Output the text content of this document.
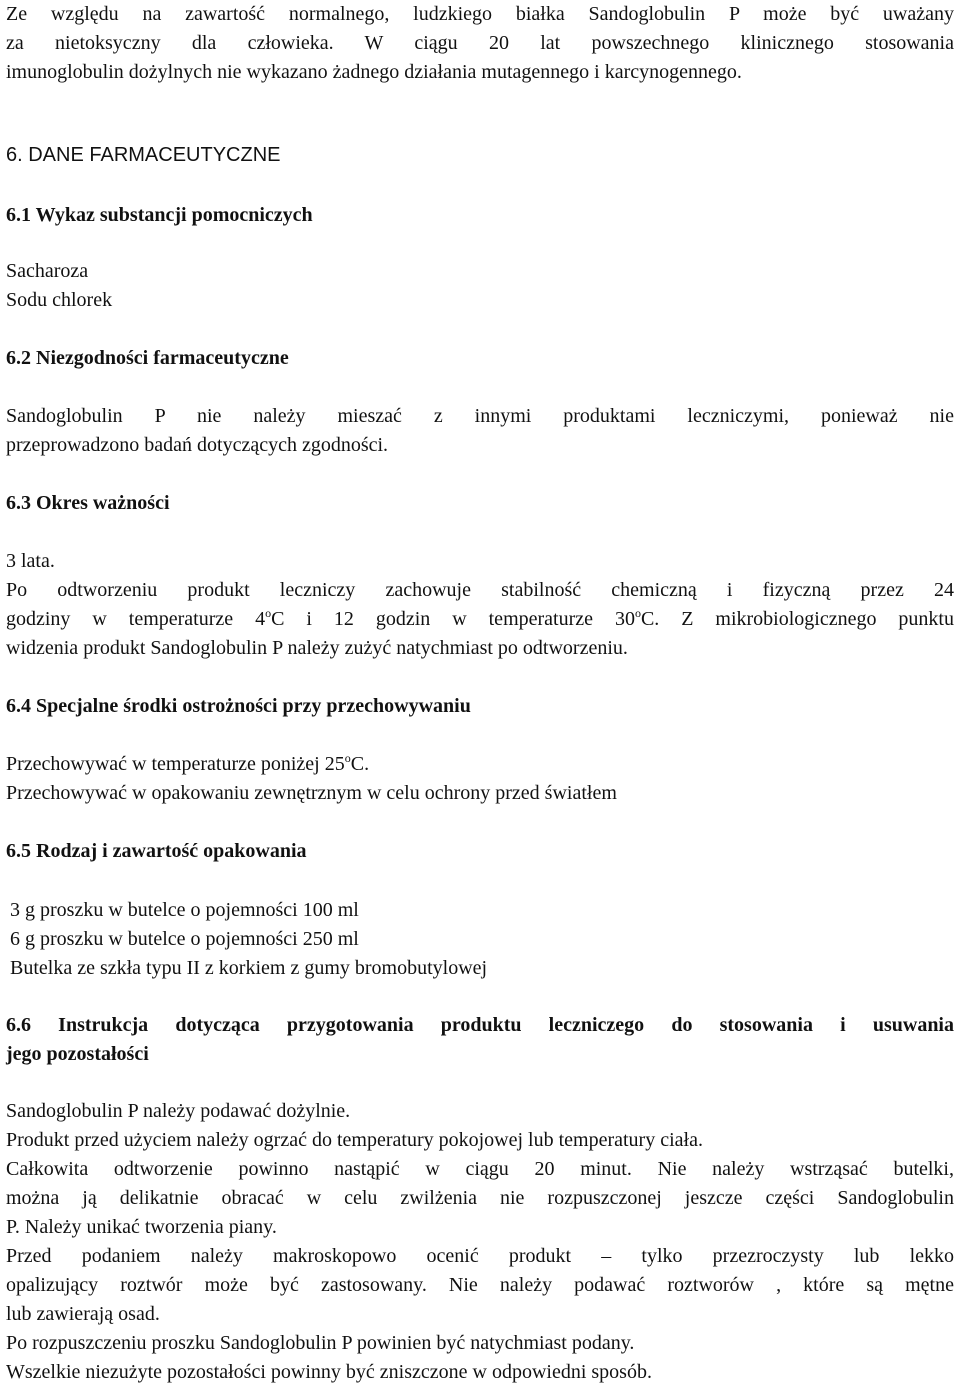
Ze względu na zawartość normalnego, ludzkiego białka Sandoglobulin P może być uważany
za nietoksyczny dla człowieka. W ciągu 20 lat powszechnego klinicznego stosowania
imunoglobulin dożylnych nie wykazano żadnego działania mutagennego i karcynogennego.
6. DANE FARMACEUTYCZNE
6.1 Wykaz substancji pomocniczych
Sacharoza
Sodu chlorek
6.2 Niezgodności farmaceutyczne
Sandoglobulin P nie należy mieszać z innymi produktami leczniczymi, ponieważ nie
przeprowadzono badań dotyczących zgodności.
6.3 Okres ważności
3 lata.
Po odtworzeniu produkt leczniczy zachowuje stabilność chemiczną i fizyczną przez 24
godziny w temperaturze 4$^o$C i 12 godzin w temperaturze 30$^o$C. Z mikrobiologicznego punktu
widzenia produkt Sandoglobulin P należy zużyć natychmiast po odtworzeniu.
6.4 Specjalne środki ostrożności przy przechowywaniu
Przechowywać w temperaturze poniżej 25$^o$C.
Przechowywać w opakowaniu zewnętrznym w celu ochrony przed światłem
6.5 Rodzaj i zawartość opakowania
3 g proszku w butelce o pojemności 100 ml
6 g proszku w butelce o pojemności 250 ml
Butelka ze szkła typu II z korkiem z gumy bromobutylowej
6.6 Instrukcja dotycząca przygotowania produktu leczniczego do stosowania i usuwania
jego pozostałości
Sandoglobulin P należy podawać dożylnie.
Produkt przed użyciem należy ogrzać do temperatury pokojowej lub temperatury ciała.
Całkowita odtworzenie powinno nastąpić w ciągu 20 minut. Nie należy wstrząsać butelki,
można ją delikatnie obracać w celu zwilżenia nie rozpuszczonej jeszcze części Sandoglobulin
P. Należy unikać tworzenia piany.
Przed podaniem należy makroskopowo ocenić produkt – tylko przezroczysty lub lekko
opalizujący roztwór może być zastosowany. Nie należy podawać roztworów , które są mętne
lub zawierają osad.
Po rozpuszczeniu proszku Sandoglobulin P powinien być natychmiast podany.
Wszelkie niezużyte pozostałości powinny być zniszczone w odpowiedni sposób.
